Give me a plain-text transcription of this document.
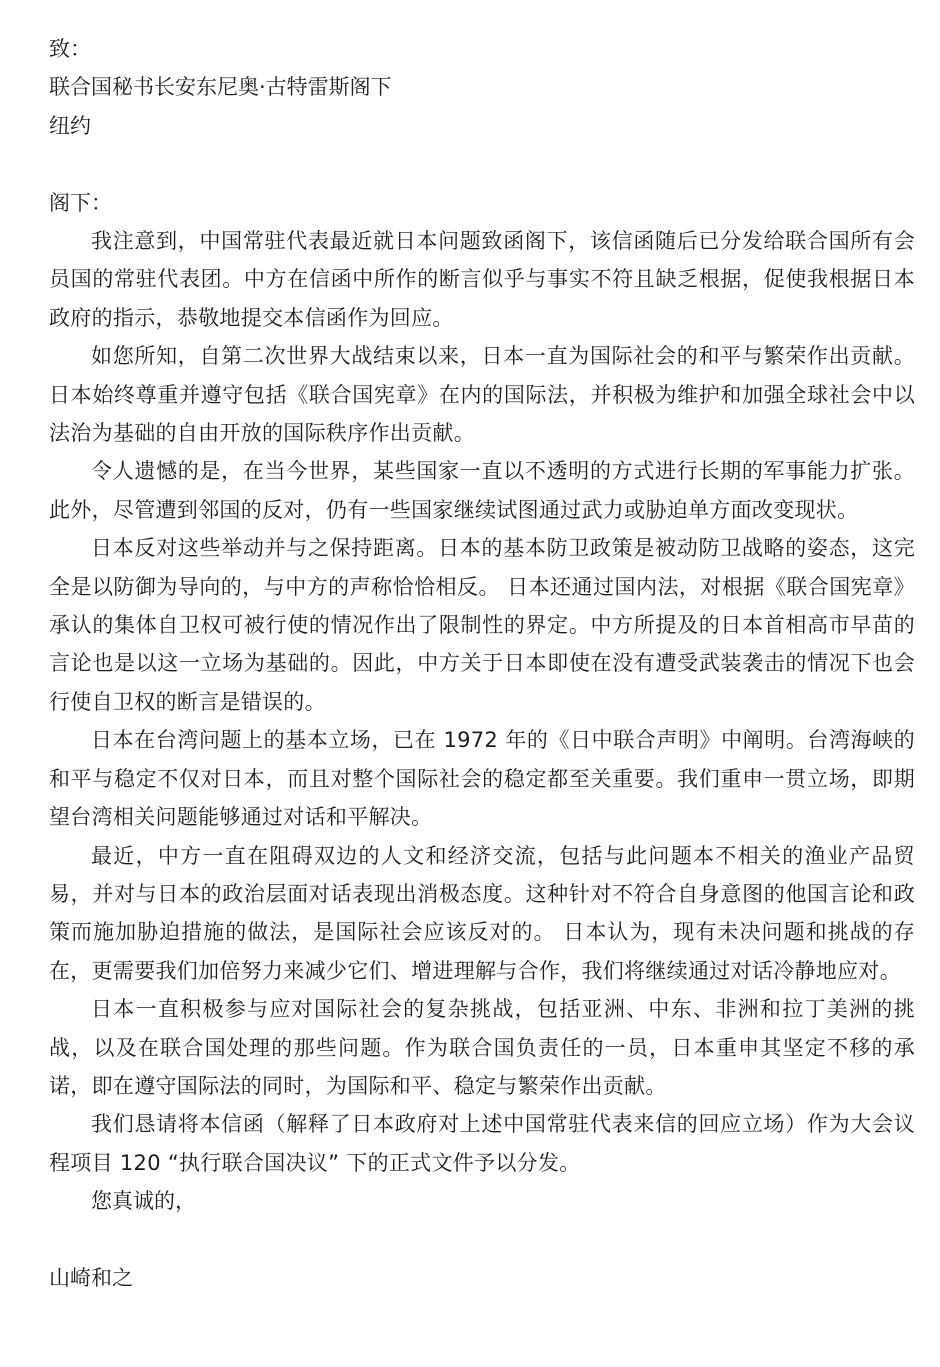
致：
联合国秘书长安东尼奥·古特雷斯阁下
纽约
阁下：
我注意到，中国常驻代表最近就日本问题致函阁下，该信函随后已分发给联合国所有会员国的常驻代表团。中方在信函中所作的断言似乎与事实不符且缺乏根据，促使我根据日本政府的指示，恭敬地提交本信函作为回应。
如您所知，自第二次世界大战结束以来，日本一直为国际社会的和平与繁荣作出贡献。 日本始终尊重并遵守包括《联合国宪章》在内的国际法，并积极为维护和加强全球社会中以法治为基础的自由开放的国际秩序作出贡献。
令人遗憾的是，在当今世界，某些国家一直以不透明的方式进行长期的军事能力扩张。此外，尽管遭到邻国的反对，仍有一些国家继续试图通过武力或胁迫单方面改变现状。
日本反对这些举动并与之保持距离。日本的基本防卫政策是被动防卫战略的姿态，这完全是以防御为导向的，与中方的声称恰恰相反。 日本还通过国内法，对根据《联合国宪章》承认的集体自卫权可被行使的情况作出了限制性的界定。中方所提及的日本首相高市早苗的言论也是以这一立场为基础的。因此，中方关于日本即使在没有遭受武装袭击的情况下也会行使自卫权的断言是错误的。
日本在台湾问题上的基本立场，已在 1972 年的《日中联合声明》中阐明。台湾海峡的和平与稳定不仅对日本，而且对整个国际社会的稳定都至关重要。我们重申一贯立场，即期望台湾相关问题能够通过对话和平解决。
最近，中方一直在阻碍双边的人文和经济交流，包括与此问题本不相关的渔业产品贸易，并对与日本的政治层面对话表现出消极态度。这种针对不符合自身意图的他国言论和政策而施加胁迫措施的做法，是国际社会应该反对的。 日本认为，现有未决问题和挑战的存在，更需要我们加倍努力来减少它们、增进理解与合作，我们将继续通过对话冷静地应对。
日本一直积极参与应对国际社会的复杂挑战，包括亚洲、中东、非洲和拉丁美洲的挑战，以及在联合国处理的那些问题。作为联合国负责任的一员，日本重申其坚定不移的承诺，即在遵守国际法的同时，为国际和平、稳定与繁荣作出贡献。
我们恳请将本信函（解释了日本政府对上述中国常驻代表来信的回应立场）作为大会议程项目 120 “执行联合国决议” 下的正式文件予以分发。
您真诚的，
山崎和之
